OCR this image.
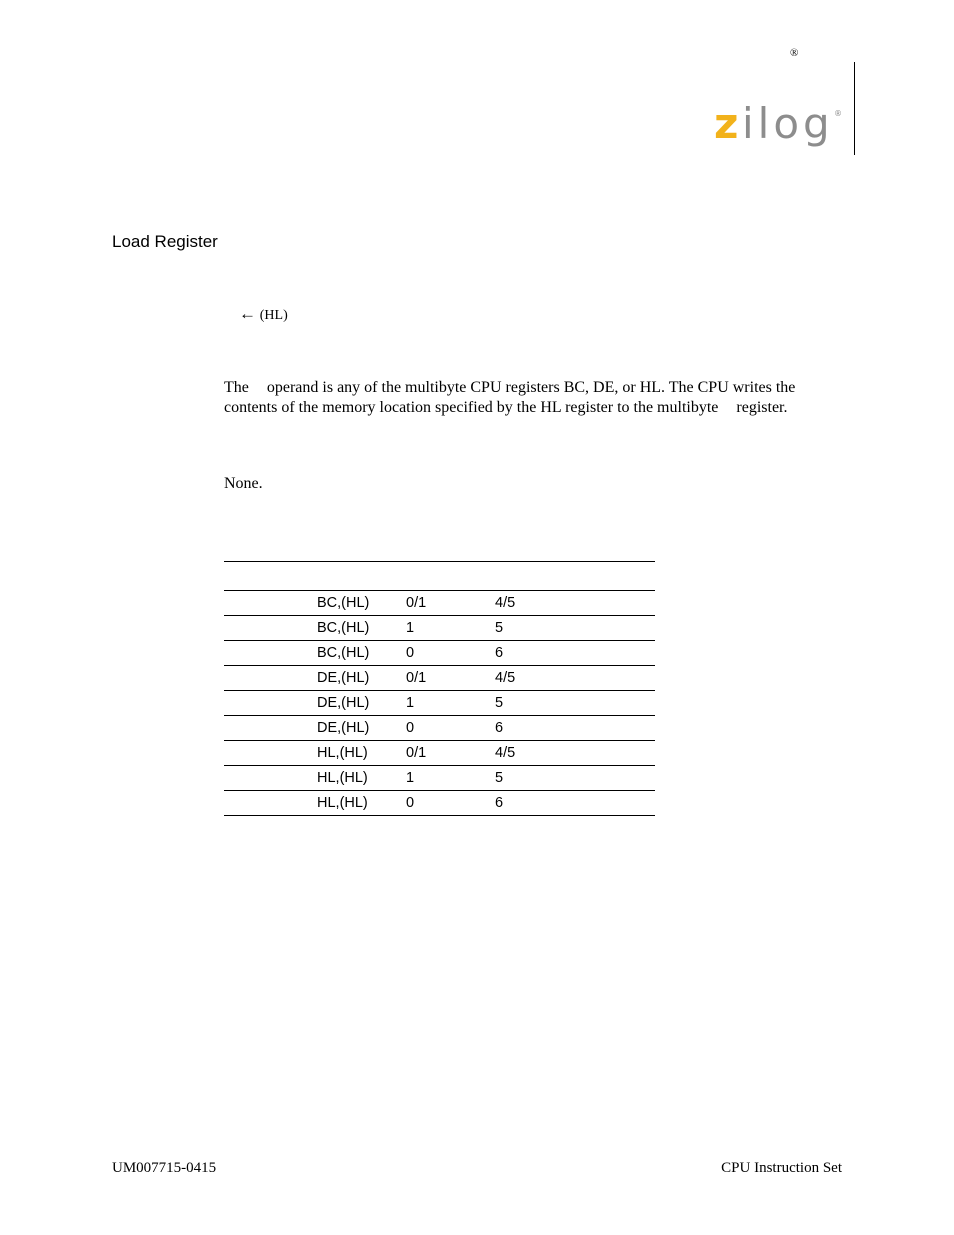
®
z ilog ®
Load Register
← (HL)
The operand is any of the multibyte CPU registers BC, DE, or HL. The CPU writes the
contents of the memory location specified by the HL register to the multibyte register.
None.

	BC,(HL)	0/1	4/5
	BC,(HL)	1	5
	BC,(HL)	0	6
	DE,(HL)	0/1	4/5
	DE,(HL)	1	5
	DE,(HL)	0	6
	HL,(HL)	0/1	4/5
	HL,(HL)	1	5
	HL,(HL)	0	6
UM007715-0415	CPU Instruction Set
